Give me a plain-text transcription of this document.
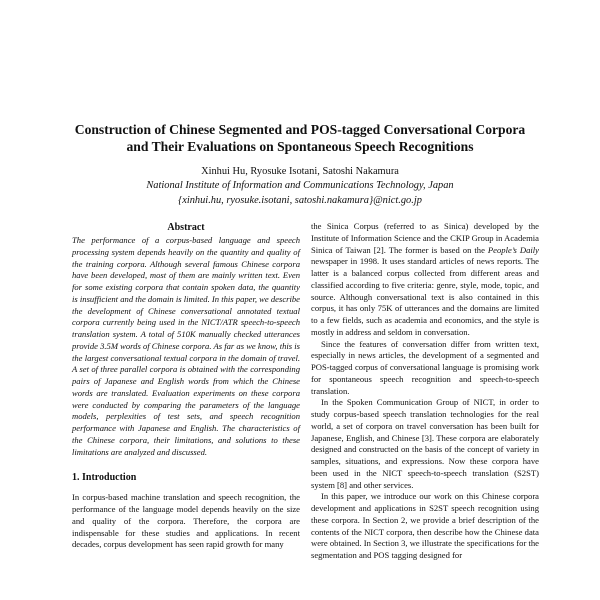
Construction of Chinese Segmented and POS-tagged Conversational Corpora
and Their Evaluations on Spontaneous Speech Recognitions
Xinhui Hu, Ryosuke Isotani, Satoshi Nakamura
National Institute of Information and Communications Technology, Japan
{xinhui.hu, ryosuke.isotani, satoshi.nakamura}@nict.go.jp
Abstract

The performance of a corpus-based language and speech processing system depends heavily on the quantity and quality of the training corpora. Although several famous Chinese corpora have been developed, most of them are mainly written text. Even for some existing corpora that contain spoken data, the quantity is insufficient and the domain is limited. In this paper, we describe the development of Chinese conversational annotated textual corpora currently being used in the NICT/ATR speech-to-speech translation system. A total of 510K manually checked utterances provide 3.5M words of Chinese corpora. As far as we know, this is the largest conversational textual corpora in the domain of travel. A set of three parallel corpora is obtained with the corresponding pairs of Japanese and English words from which the Chinese words are translated. Evaluation experiments on these corpora were conducted by comparing the parameters of the language models, perplexities of test sets, and speech recognition performance with Japanese and English. The characteristics of the Chinese corpora, their limitations, and solutions to these limitations are analyzed and discussed.

1. Introduction

In corpus-based machine translation and speech recognition, the performance of the language model depends heavily on the size and quality of the corpora. Therefore, the corpora are indispensable for these studies and applications. In recent decades, corpus development has seen rapid growth for many

the Sinica Corpus (referred to as Sinica) developed by the Institute of Information Science and the CKIP Group in Academia Sinica of Taiwan [2]. The former is based on the People’s Daily newspaper in 1998. It uses standard articles of news reports. The latter is a balanced corpus collected from different areas and classified according to five criteria: genre, style, mode, topic, and source. Although conversational text is also contained in this corpus, it has only 75K of utterances and the domains are limited to a few fields, such as academia and economics, and the style is mostly in address and seldom in conversation.

Since the features of conversation differ from written text, especially in news articles, the development of a segmented and POS-tagged corpus of conversational language is promising work for spontaneous speech recognition and speech-to-speech translation.

In the Spoken Communication Group of NICT, in order to study corpus-based speech translation technologies for the real world, a set of corpora on travel conversation has been built for Japanese, English, and Chinese [3]. These corpora are elaborately designed and constructed on the basis of the concept of variety in samples, situations, and expressions. Now these corpora have been used in the NICT speech-to-speech translation (S2ST) system [8] and other services.

In this paper, we introduce our work on this Chinese corpora development and applications in S2ST speech recognition using these corpora. In Section 2, we provide a brief description of the contents of the NICT corpora, then describe how the Chinese data were obtained. In Section 3, we illustrate the specifications for the segmentation and POS tagging designed for
